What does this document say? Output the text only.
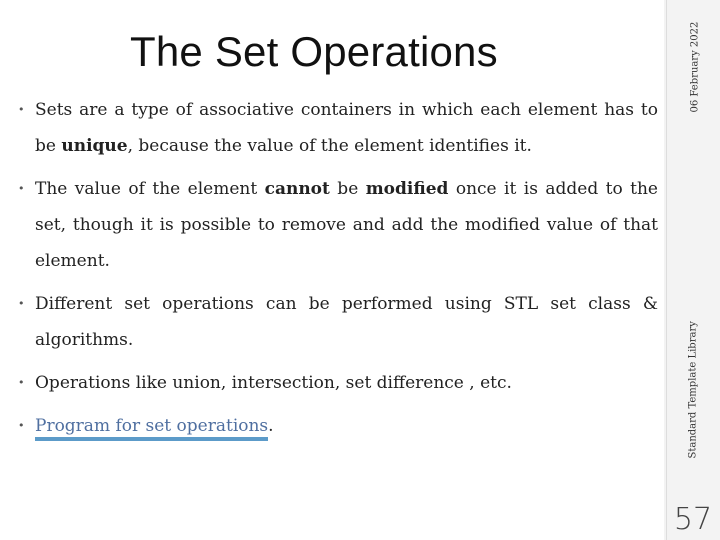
The Set Operations
• Sets are a type of associative containers in which each element has to be unique, because the value of the element identifies it.
• The value of the element cannot be modified once it is added to the set, though it is possible to remove and add the modified value of that element.
• Different set operations can be performed using STL set class & algorithms.
• Operations like union, intersection, set difference , etc.
• Program for set operations.
06 February 2022
Standard Template Library
57
